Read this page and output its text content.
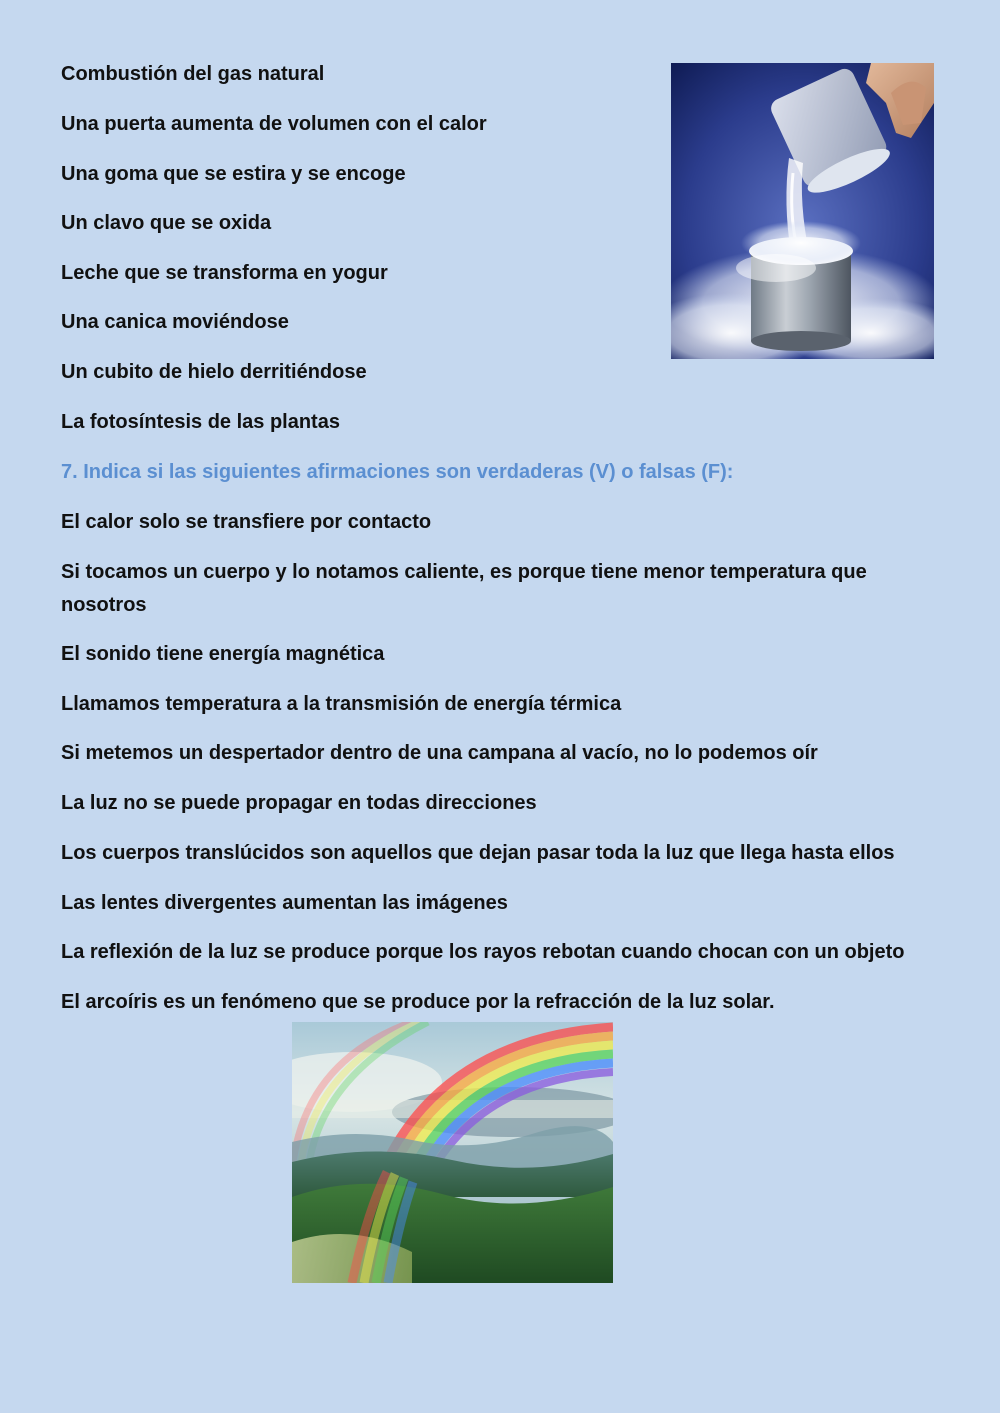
Combustión del gas natural
Una puerta aumenta de volumen con el calor
Una goma que se estira y se encoge
Un clavo que se oxida
Leche que se transforma en yogur
Una canica moviéndose
Un cubito de hielo derritiéndose
La fotosíntesis de las plantas
7. Indica si las siguientes afirmaciones son verdaderas (V) o falsas (F):
El calor solo se transfiere por contacto
Si tocamos un cuerpo y lo notamos caliente, es porque tiene menor temperatura que nosotros
El sonido tiene energía magnética
Llamamos temperatura a la transmisión de energía térmica
Si metemos un despertador dentro de una campana al vacío, no lo podemos oír
La luz no se puede propagar en todas direcciones
Los cuerpos translúcidos son aquellos que dejan pasar toda la luz que llega hasta ellos
Las lentes divergentes aumentan las imágenes
La reflexión de la luz se produce porque los rayos rebotan cuando chocan con un objeto
El arcoíris es un fenómeno que se produce por la refracción de la luz solar.
